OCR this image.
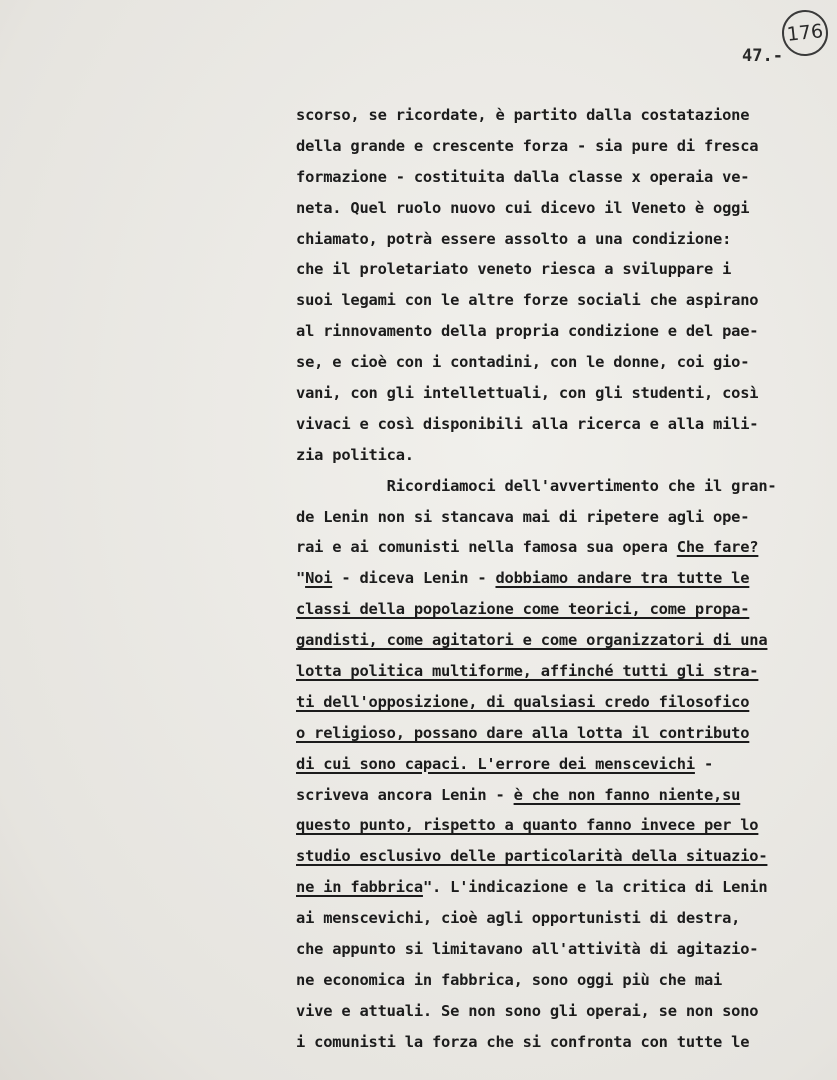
176
47.-
scorso, se ricordate, è partito dalla costatazione
della grande e crescente forza - sia pure di fresca
formazione - costituita dalla classe x operaia ve-
neta. Quel ruolo nuovo cui dicevo il Veneto è oggi
chiamato, potrà essere assolto a una condizione:
che il proletariato veneto riesca a sviluppare i
suoi legami con le altre forze sociali che aspirano
al rinnovamento della propria condizione e del pae-
se, e cioè con i contadini, con le donne, coi gio-
vani, con gli intellettuali, con gli studenti, così
vivaci e così disponibili alla ricerca e alla mili-
zia politica.
Ricordiamoci dell'avvertimento che il gran-
de Lenin non si stancava mai di ripetere agli ope-
rai e ai comunisti nella famosa sua opera Che fare?
"Noi - diceva Lenin - dobbiamo andare tra tutte le
classi della popolazione come teorici, come propa-
gandisti, come agitatori e come organizzatori di una
lotta politica multiforme, affinché tutti gli stra-
ti dell'opposizione, di qualsiasi credo filosofico
o religioso, possano dare alla lotta il contributo
di cui sono capaci. L'errore dei menscevichi -
scriveva ancora Lenin - è che non fanno niente,su
questo punto, rispetto a quanto fanno invece per lo
studio esclusivo delle particolarità della situazio-
ne in fabbrica". L'indicazione e la critica di Lenin
ai menscevichi, cioè agli opportunisti di destra,
che appunto si limitavano all'attività di agitazio-
ne economica in fabbrica, sono oggi più che mai
vive e attuali. Se non sono gli operai, se non sono
i comunisti la forza che si confronta con tutte le
